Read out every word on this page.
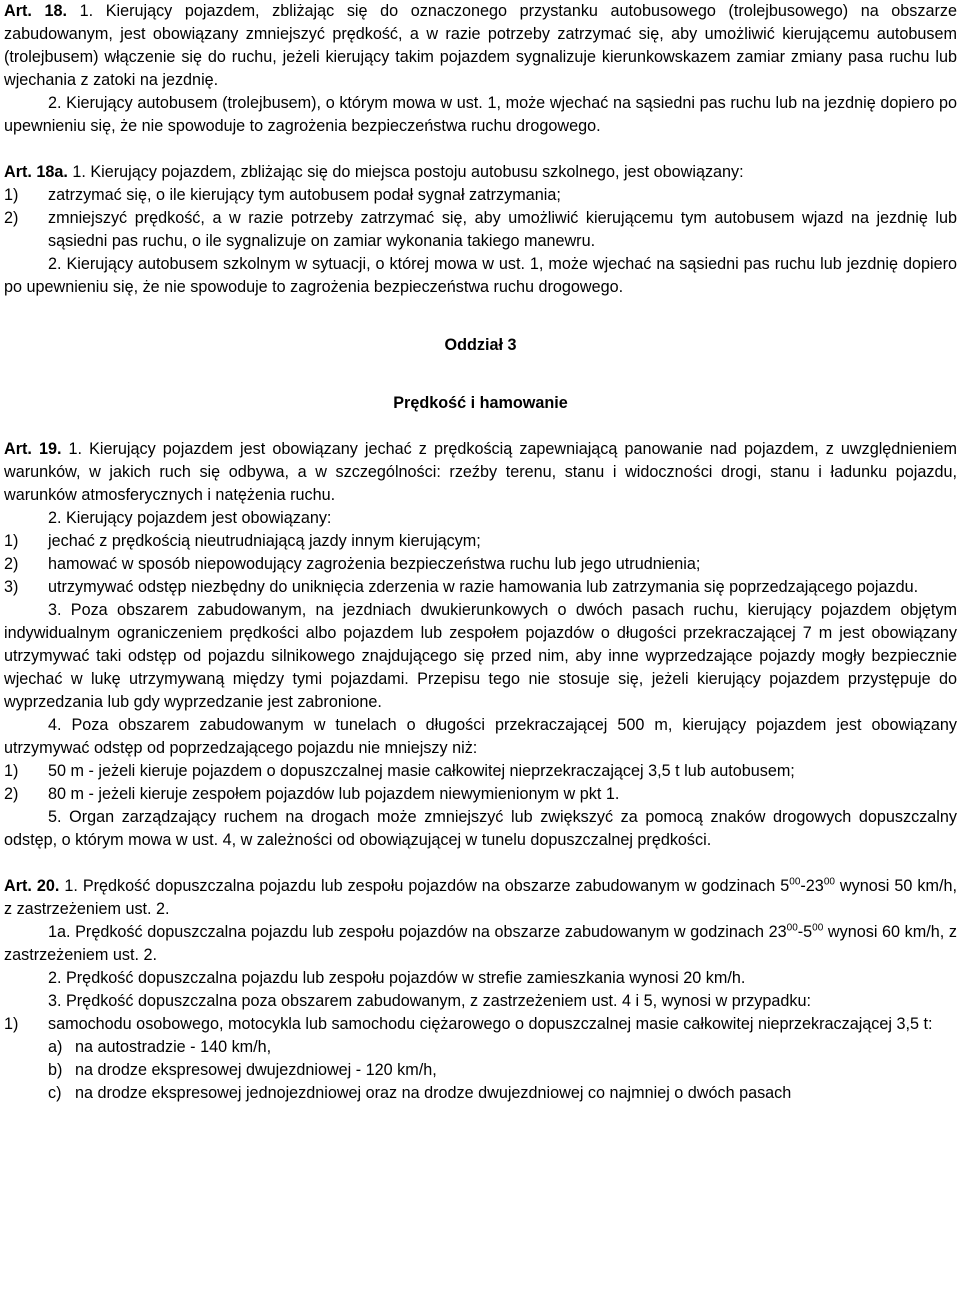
Art. 18. 1. Kierujący pojazdem, zbliżając się do oznaczonego przystanku autobusowego (trolejbusowego) na obszarze zabudowanym, jest obowiązany zmniejszyć prędkość, a w razie potrzeby zatrzymać się, aby umożliwić kierującemu autobusem (trolejbusem) włączenie się do ruchu, jeżeli kierujący takim pojazdem sygnalizuje kierunkowskazem zamiar zmiany pasa ruchu lub wjechania z zatoki na jezdnię.

2. Kierujący autobusem (trolejbusem), o którym mowa w ust. 1, może wjechać na sąsiedni pas ruchu lub na jezdnię dopiero po upewnieniu się, że nie spowoduje to zagrożenia bezpieczeństwa ruchu drogowego.

Art. 18a. 1. Kierujący pojazdem, zbliżając się do miejsca postoju autobusu szkolnego, jest obowiązany:

1)	zatrzymać się, o ile kierujący tym autobusem podał sygnał zatrzymania;
2)	zmniejszyć prędkość, a w razie potrzeby zatrzymać się, aby umożliwić kierującemu tym autobusem wjazd na jezdnię lub sąsiedni pas ruchu, o ile sygnalizuje on zamiar wykonania takiego manewru.

2. Kierujący autobusem szkolnym w sytuacji, o której mowa w ust. 1, może wjechać na sąsiedni pas ruchu lub jezdnię dopiero po upewnieniu się, że nie spowoduje to zagrożenia bezpieczeństwa ruchu drogowego.

Oddział 3

Prędkość i hamowanie

Art. 19. 1. Kierujący pojazdem jest obowiązany jechać z prędkością zapewniającą panowanie nad pojazdem, z uwzględnieniem warunków, w jakich ruch się odbywa, a w szczególności: rzeźby terenu, stanu i widoczności drogi, stanu i ładunku pojazdu, warunków atmosferycznych i natężenia ruchu.

2. Kierujący pojazdem jest obowiązany:

1)	jechać z prędkością nieutrudniającą jazdy innym kierującym;
2)	hamować w sposób niepowodujący zagrożenia bezpieczeństwa ruchu lub jego utrudnienia;
3)	utrzymywać odstęp niezbędny do uniknięcia zderzenia w razie hamowania lub zatrzymania się poprzedzającego pojazdu.

3. Poza obszarem zabudowanym, na jezdniach dwukierunkowych o dwóch pasach ruchu, kierujący pojazdem objętym indywidualnym ograniczeniem prędkości albo pojazdem lub zespołem pojazdów o długości przekraczającej 7 m jest obowiązany utrzymywać taki odstęp od pojazdu silnikowego znajdującego się przed nim, aby inne wyprzedzające pojazdy mogły bezpiecznie wjechać w lukę utrzymywaną między tymi pojazdami. Przepisu tego nie stosuje się, jeżeli kierujący pojazdem przystępuje do wyprzedzania lub gdy wyprzedzanie jest zabronione.

4. Poza obszarem zabudowanym w tunelach o długości przekraczającej 500 m, kierujący pojazdem jest obowiązany utrzymywać odstęp od poprzedzającego pojazdu nie mniejszy niż:

1)	50 m - jeżeli kieruje pojazdem o dopuszczalnej masie całkowitej nieprzekraczającej 3,5 t lub autobusem;
2)	80 m - jeżeli kieruje zespołem pojazdów lub pojazdem niewymienionym w pkt 1.

5. Organ zarządzający ruchem na drogach może zmniejszyć lub zwiększyć za pomocą znaków drogowych dopuszczalny odstęp, o którym mowa w ust. 4, w zależności od obowiązującej w tunelu dopuszczalnej prędkości.

Art. 20. 1. Prędkość dopuszczalna pojazdu lub zespołu pojazdów na obszarze zabudowanym w godzinach $5^{00}-23^{00}$ wynosi 50 km/h, z zastrzeżeniem ust. 2.

1a. Prędkość dopuszczalna pojazdu lub zespołu pojazdów na obszarze zabudowanym w godzinach $23^{00}-5^{00}$ wynosi 60 km/h, z zastrzeżeniem ust. 2.

2. Prędkość dopuszczalna pojazdu lub zespołu pojazdów w strefie zamieszkania wynosi 20 km/h.

3. Prędkość dopuszczalna poza obszarem zabudowanym, z zastrzeżeniem ust. 4 i 5, wynosi w przypadku:

1)	samochodu osobowego, motocykla lub samochodu ciężarowego o dopuszczalnej masie całkowitej nieprzekraczającej 3,5 t:
a) na autostradzie - 140 km/h,
b) na drodze ekspresowej dwujezdniowej - 120 km/h,
c) na drodze ekspresowej jednojezdniowej oraz na drodze dwujezdniowej co najmniej o dwóch pasach
